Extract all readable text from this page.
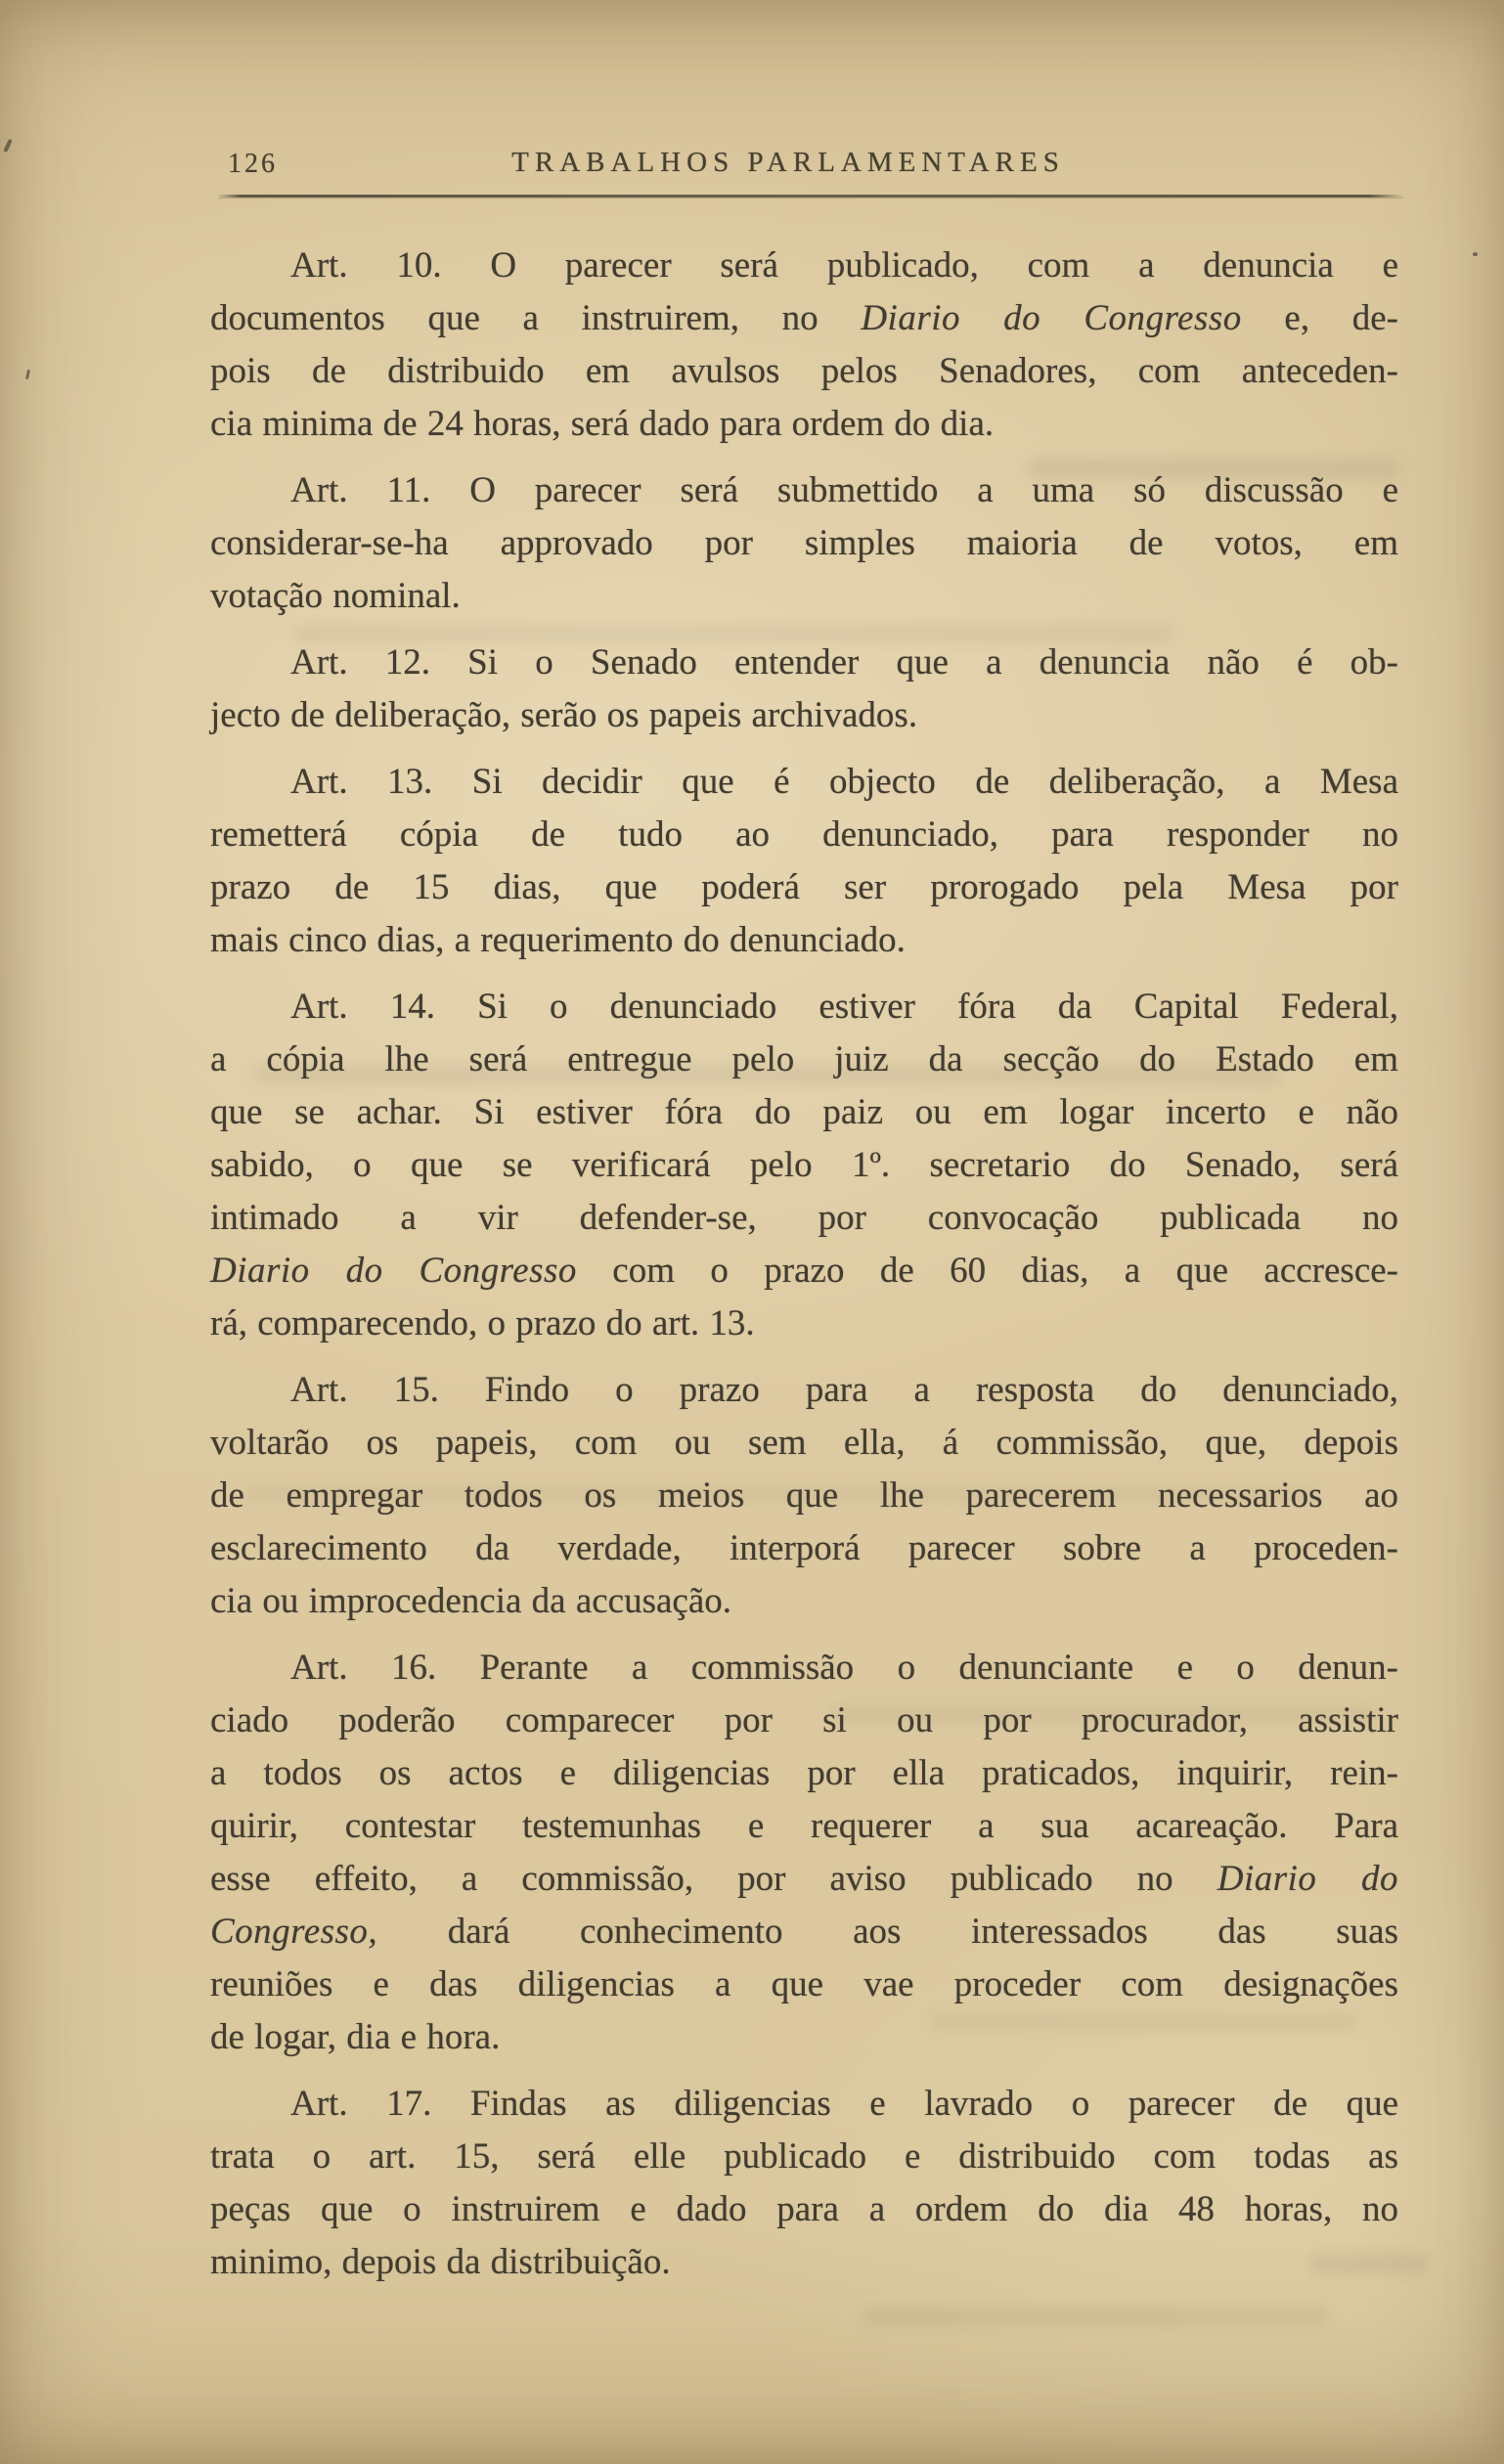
126	TRABALHOS PARLAMENTARES
Art. 10. O parecer será publicado, com a denuncia e
documentos que a instruirem, no Diario do Congresso e, de-
pois de distribuido em avulsos pelos Senadores, com anteceden-
cia minima de 24 horas, será dado para ordem do dia.
Art. 11. O parecer será submettido a uma só discussão e
considerar-se-ha approvado por simples maioria de votos, em
votação nominal.
Art. 12. Si o Senado entender que a denuncia não é ob-
jecto de deliberação, serão os papeis archivados.
Art. 13. Si decidir que é objecto de deliberação, a Mesa
remetterá cópia de tudo ao denunciado, para responder no
prazo de 15 dias, que poderá ser prorogado pela Mesa por
mais cinco dias, a requerimento do denunciado.
Art. 14. Si o denunciado estiver fóra da Capital Federal,
a cópia lhe será entregue pelo juiz da secção do Estado em
que se achar. Si estiver fóra do paiz ou em logar incerto e não
sabido, o que se verificará pelo 1º. secretario do Senado, será
intimado a vir defender-se, por convocação publicada no
Diario do Congresso com o prazo de 60 dias, a que accresce-
rá, comparecendo, o prazo do art. 13.
Art. 15. Findo o prazo para a resposta do denunciado,
voltarão os papeis, com ou sem ella, á commissão, que, depois
de empregar todos os meios que lhe parecerem necessarios ao
esclarecimento da verdade, interporá parecer sobre a proceden-
cia ou improcedencia da accusação.
Art. 16. Perante a commissão o denunciante e o denun-
ciado poderão comparecer por si ou por procurador, assistir
a todos os actos e diligencias por ella praticados, inquirir, rein-
quirir, contestar testemunhas e requerer a sua acareação. Para
esse effeito, a commissão, por aviso publicado no Diario do
Congresso, dará conhecimento aos interessados das suas
reuniões e das diligencias a que vae proceder com designações
de logar, dia e hora.
Art. 17. Findas as diligencias e lavrado o parecer de que
trata o art. 15, será elle publicado e distribuido com todas as
peças que o instruirem e dado para a ordem do dia 48 horas, no
minimo, depois da distribuição.
